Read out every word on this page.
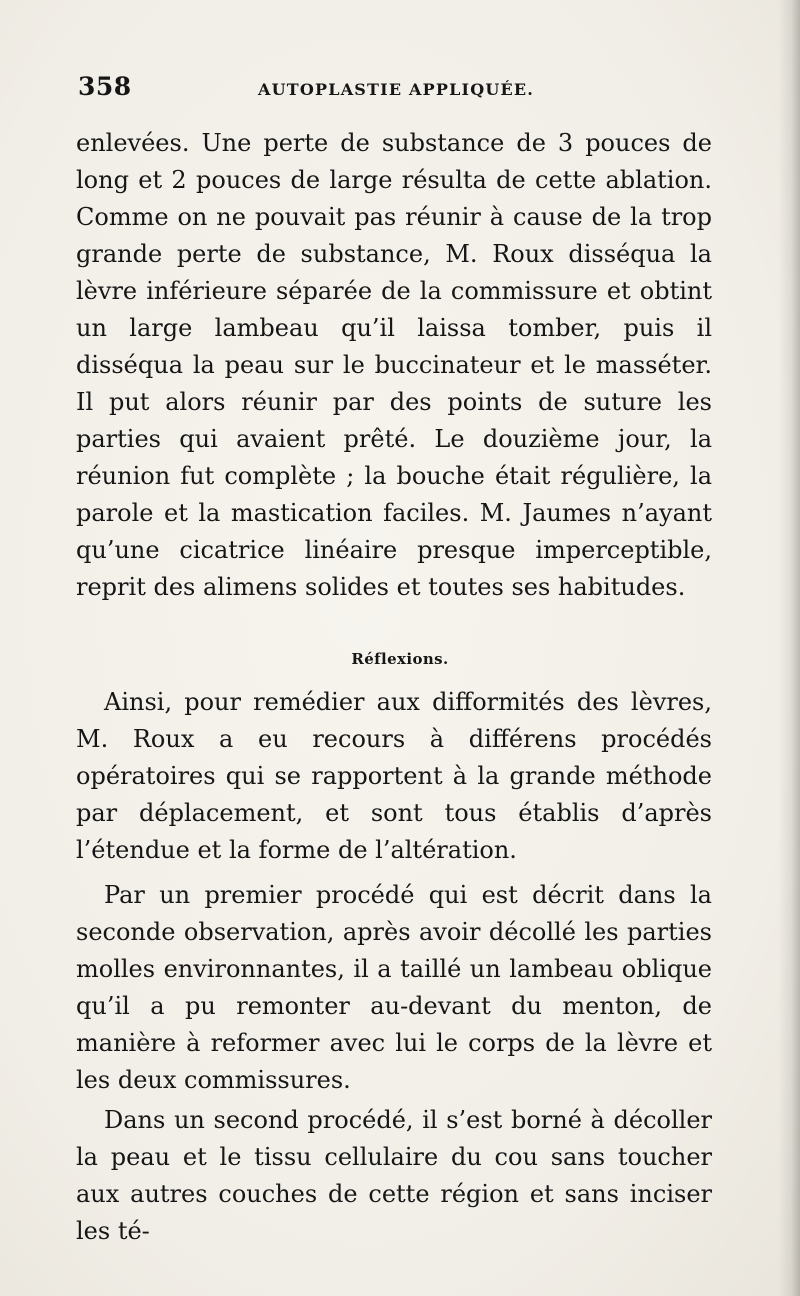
358	AUTOPLASTIE APPLIQUÉE.

enlevées. Une perte de substance de 3 pouces de long et 2 pouces de large résulta de cette ablation. Comme on ne pouvait pas réunir à cause de la trop grande perte de substance, M. Roux disséqua la lèvre inférieure séparée de la commissure et obtint un large lambeau qu’il laissa tomber, puis il disséqua la peau sur le buccinateur et le masséter. Il put alors réunir par des points de suture les parties qui avaient prêté. Le douzième jour, la réunion fut complète ; la bouche était régulière, la parole et la mastication faciles. M. Jaumes n’ayant qu’une cicatrice linéaire presque imperceptible, reprit des alimens solides et toutes ses habitudes.

Réflexions.

Ainsi, pour remédier aux difformités des lèvres, M. Roux a eu recours à différens procédés opératoires qui se rapportent à la grande méthode par déplacement, et sont tous établis d’après l’étendue et la forme de l’altération.

Par un premier procédé qui est décrit dans la seconde observation, après avoir décollé les parties molles environnantes, il a taillé un lambeau oblique qu’il a pu remonter au-devant du menton, de manière à reformer avec lui le corps de la lèvre et les deux commissures.

Dans un second procédé, il s’est borné à décoller la peau et le tissu cellulaire du cou sans toucher aux autres couches de cette région et sans inciser les té-
